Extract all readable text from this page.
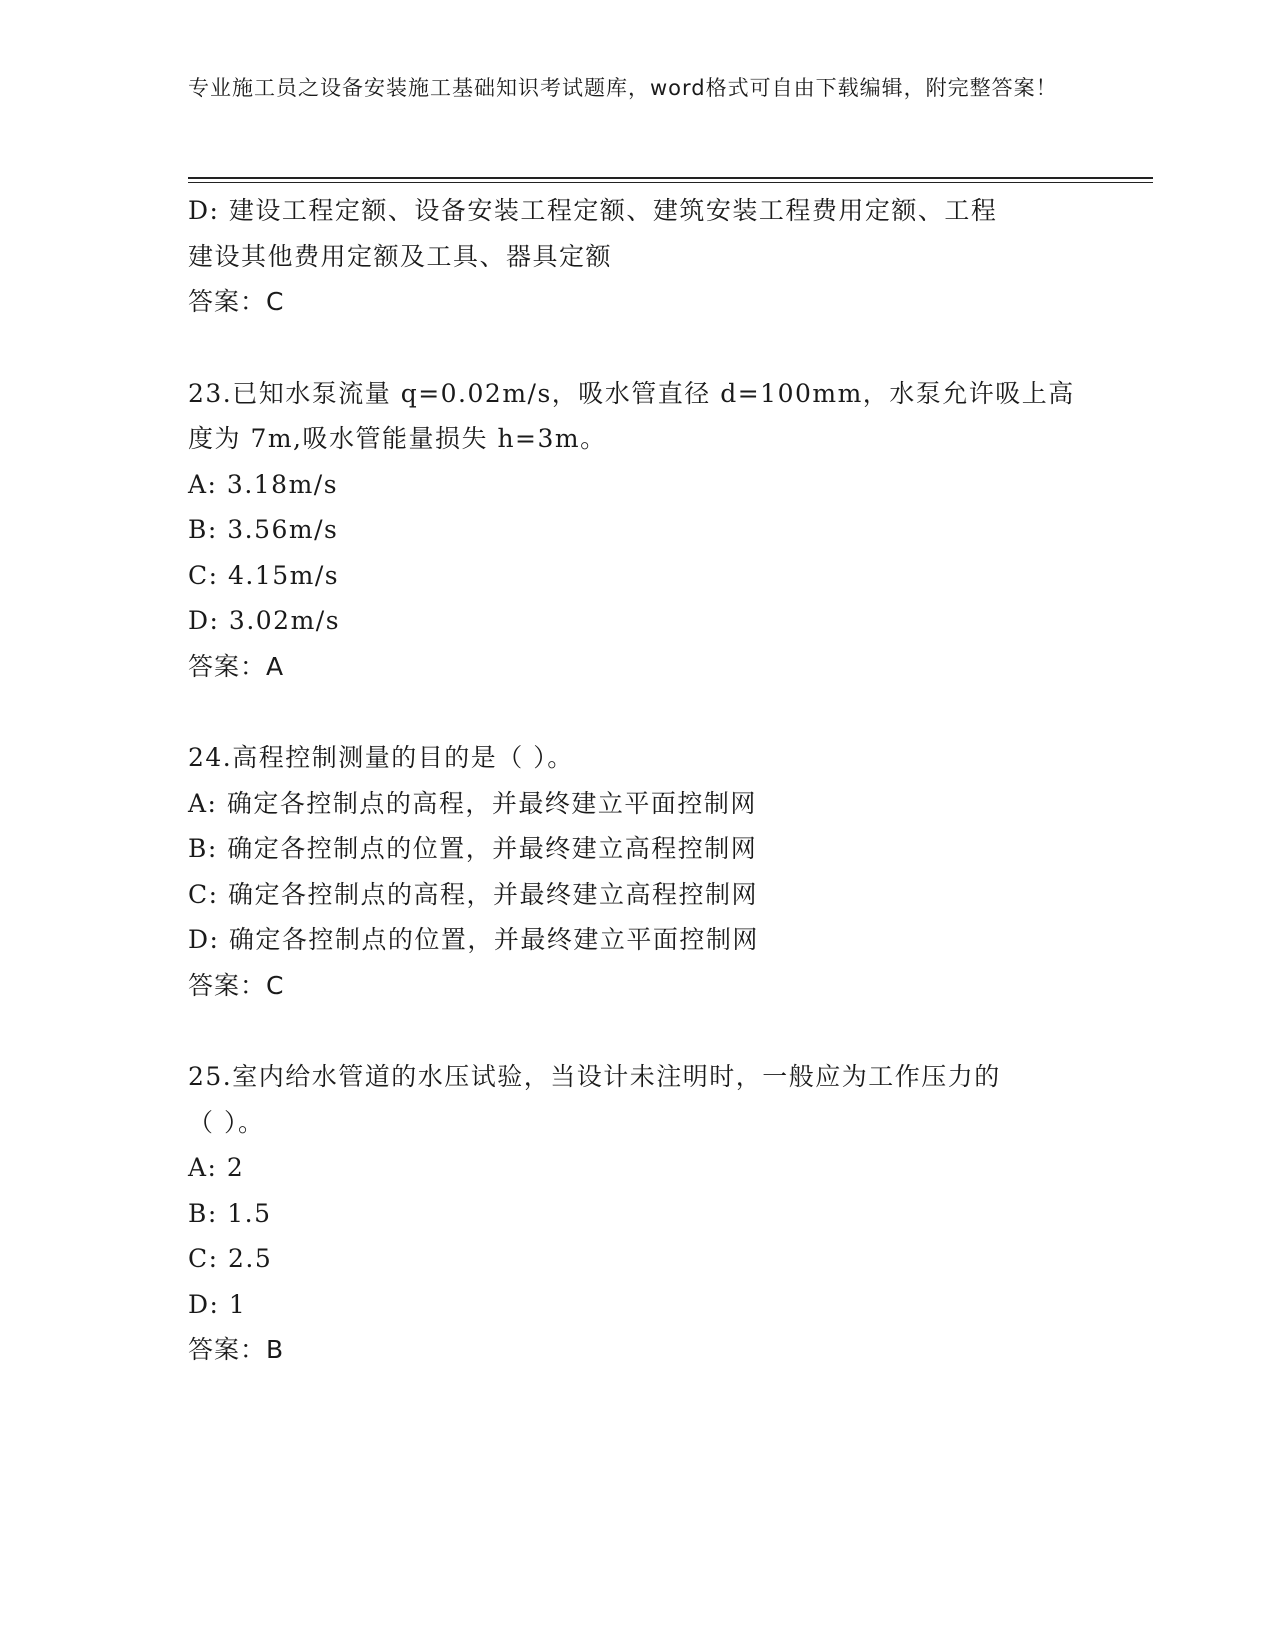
专业施工员之设备安装施工基础知识考试题库，word格式可自由下载编辑，附完整答案！
D: 建设工程定额、设备安装工程定额、建筑安装工程费用定额、工程
建设其他费用定额及工具、器具定额
答案：C
23.已知水泵流量 q=0.02m/s，吸水管直径 d=100mm，水泵允许吸上高
度为 7m,吸水管能量损失 h=3m。
A: 3.18m/s
B: 3.56m/s
C: 4.15m/s
D: 3.02m/s
答案：A
24.高程控制测量的目的是（ ）。
A: 确定各控制点的高程，并最终建立平面控制网
B: 确定各控制点的位置，并最终建立高程控制网
C: 确定各控制点的高程，并最终建立高程控制网
D: 确定各控制点的位置，并最终建立平面控制网
答案：C
25.室内给水管道的水压试验，当设计未注明时，一般应为工作压力的
（ ）。
A: 2
B: 1.5
C: 2.5
D: 1
答案：B
